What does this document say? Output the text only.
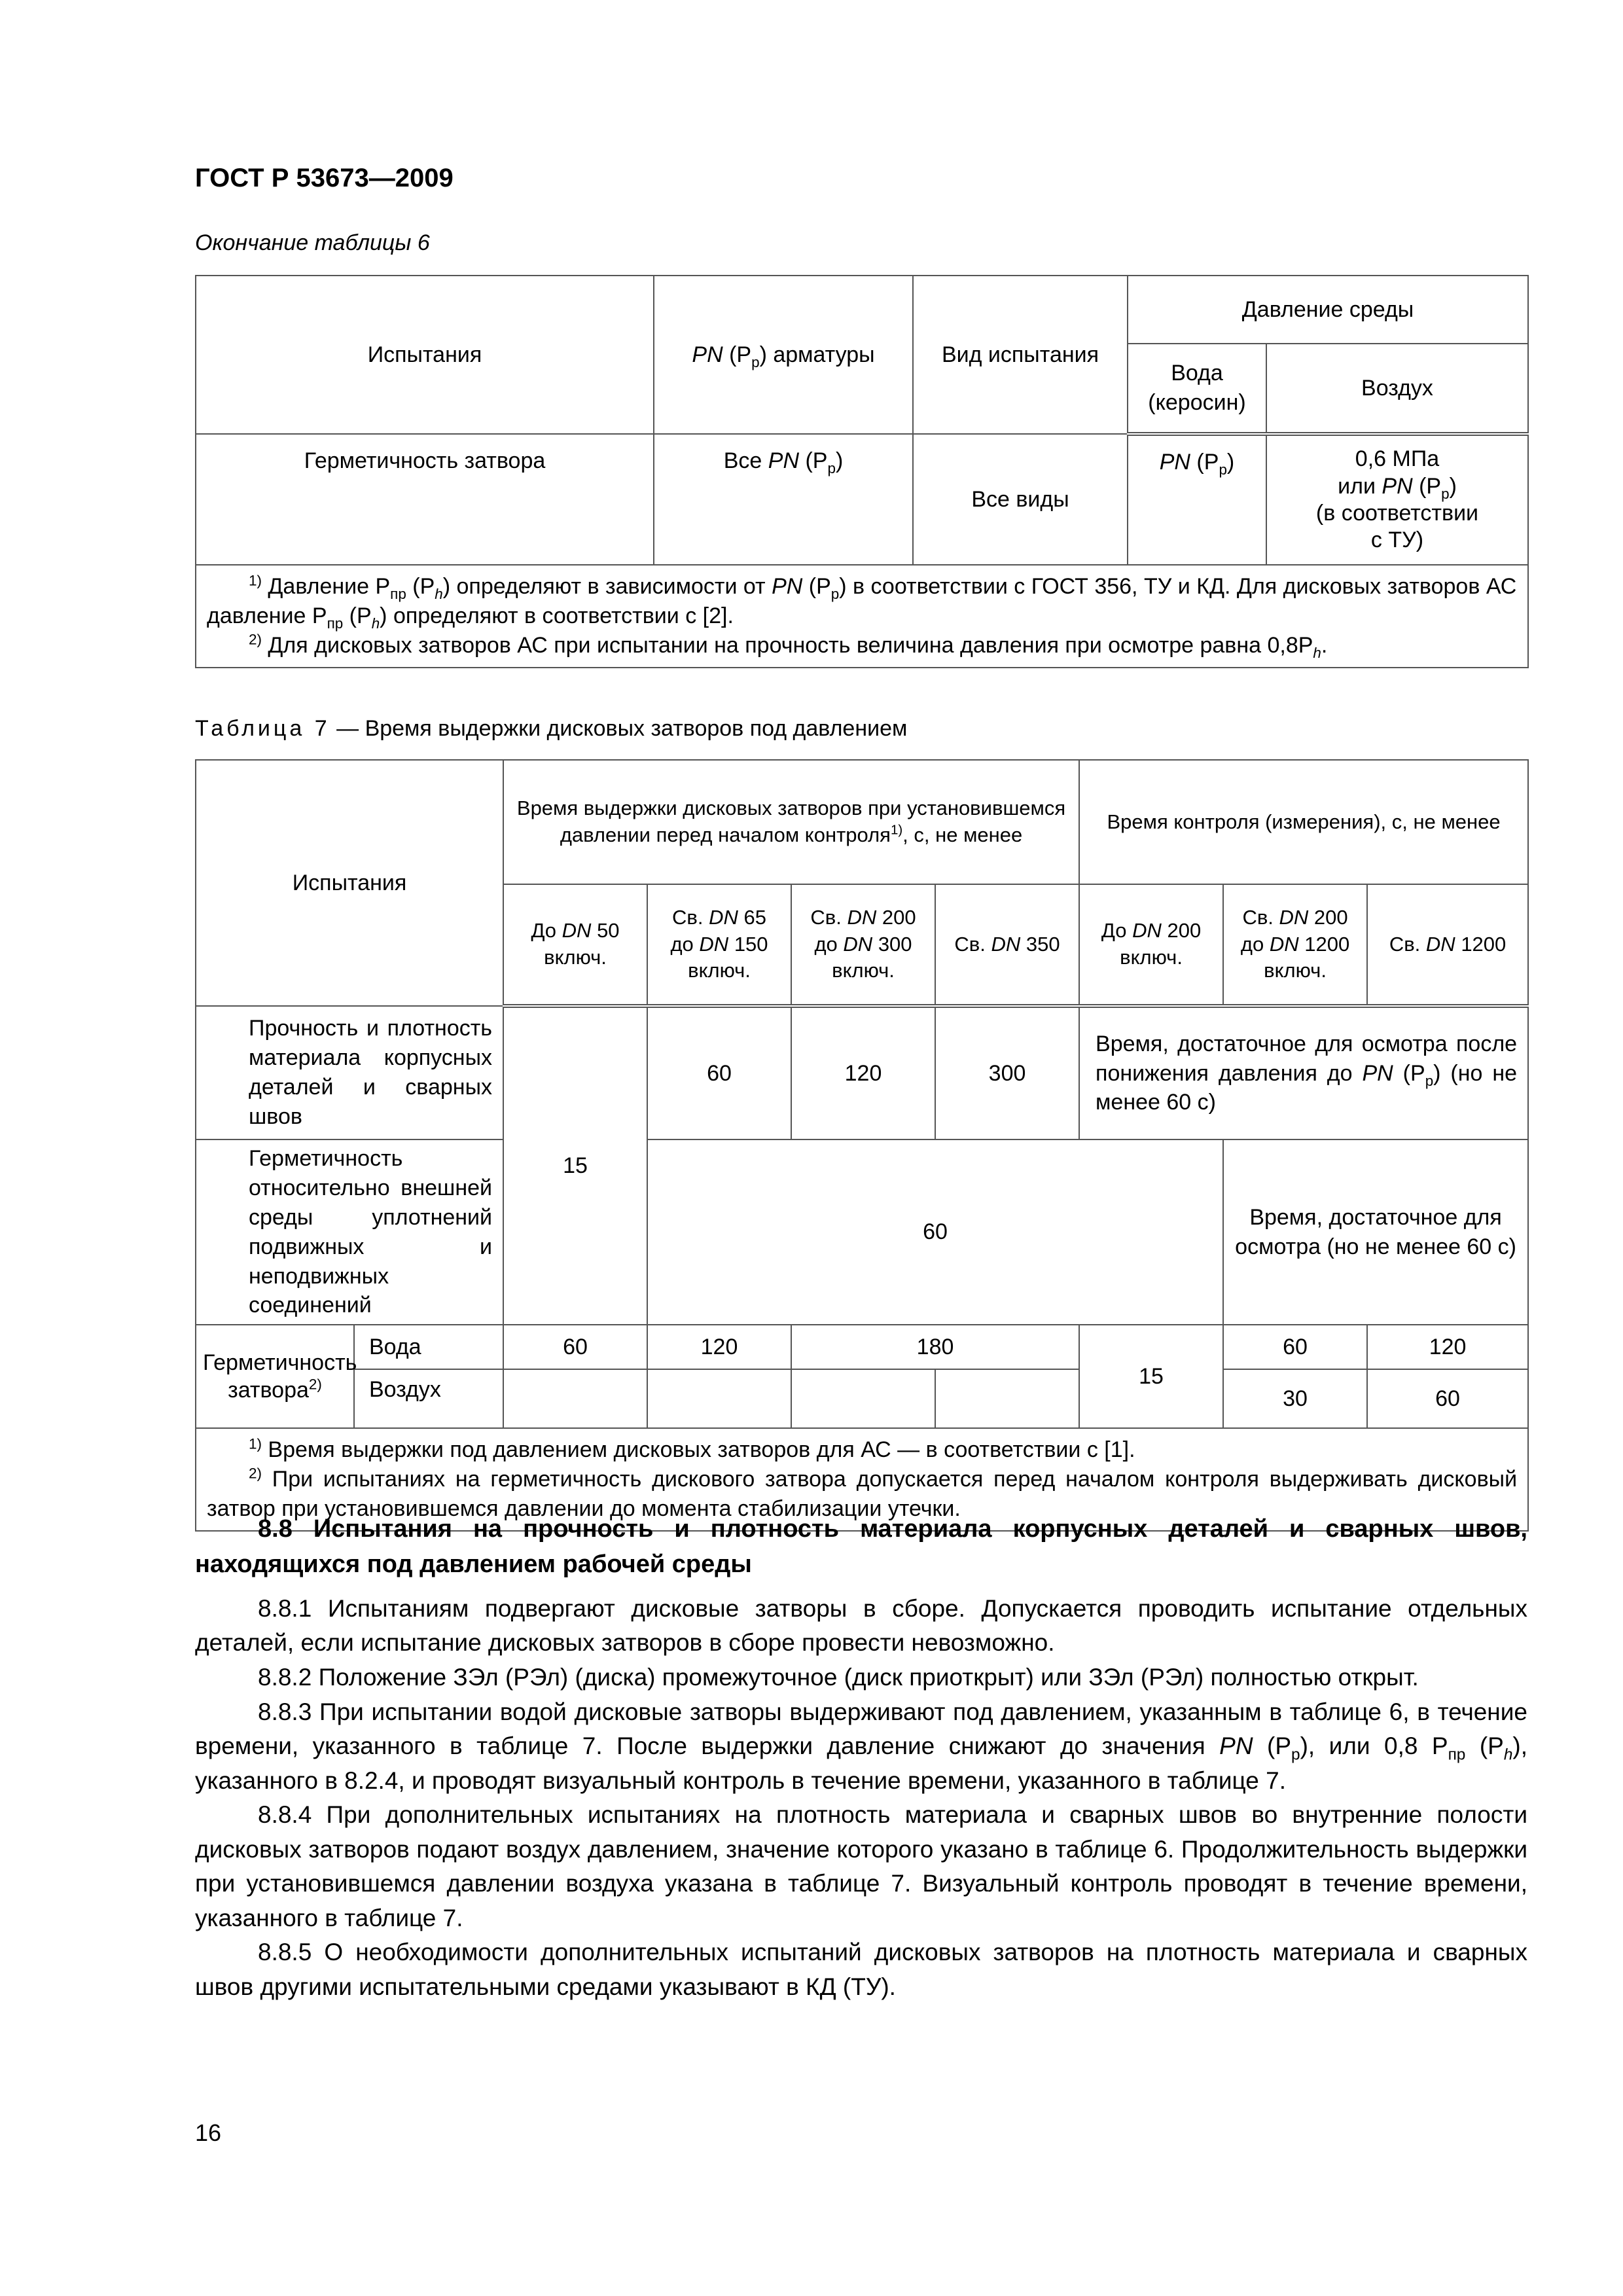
ГОСТ Р 53673—2009
Окончание таблицы 6
Испытания	PN $(P_р)$ арматуры	Вид испытания	Давление среды	
			Вода (керосин)	Воздух
Герметичность затвора	Все PN $(P_р)$	Все виды	PN $(P_р)$	0,6 МПа
или PN $(P_р)$
(в соответствии
с ТУ)

$^{1)}$ Давление $P_{пр}$ $(P_h)$ определяют в зависимости от PN $(P_р)$ в соответствии с ГОСТ 356, ТУ и КД. Для дисковых затворов АС давление $P_{пр}$ $(P_h)$ определяют в соответствии с [2].
$^{2)}$ Для дисковых затворов АС при испытании на прочность величина давления при осмотре равна $0,8P_h$.				
Таблица 7 — Время выдержки дисковых затворов под давлением
Испытания		Время выдержки дисковых затворов при установившемся давлении перед началом контроля$^{1)}$, с, не менее				Время контроля (измерения), с, не менее		
		До DN 50 включ.	Св. DN 65 до DN 150 включ.	Св. DN 200 до DN 300 включ.	Св. DN 350	До DN 200 включ.	Св. DN 200 до DN 1200 включ.	Св. DN 1200
Прочность и плотность материала корпусных деталей и сварных швов		15	60	120	300	Время, достаточное для осмотра после понижения давления до PN $(P_р)$ (но не менее 60 с)		
Герметичность относительно внешней среды уплотнений подвижных и неподвижных соединений			60				Время, достаточное для осмотра (но не менее 60 с)	
Герметичность затвора$^{2)}$	Вода	60	120	180		15	60	120
	Воздух						30	60

$^{1)}$ Время выдержки под давлением дисковых затворов для АС — в соответствии с [1].
$^{2)}$ При испытаниях на герметичность дискового затвора допускается перед началом контроля выдерживать дисковый затвор при установившемся давлении до момента стабилизации утечки.								

8.8 Испытания на прочность и плотность материала корпусных деталей и сварных швов, находящихся под давлением рабочей среды

8.8.1 Испытаниям подвергают дисковые затворы в сборе. Допускается проводить испытание отдельных деталей, если испытание дисковых затворов в сборе провести невозможно.

8.8.2 Положение ЗЭл (РЭл) (диска) промежуточное (диск приоткрыт) или ЗЭл (РЭл) полностью открыт.

8.8.3 При испытании водой дисковые затворы выдерживают под давлением, указанным в таблице 6, в течение времени, указанного в таблице 7. После выдержки давление снижают до значения PN $(P_р)$, или 0,8 $P_{пр}$ $(P_h)$, указанного в 8.2.4, и проводят визуальный контроль в течение времени, указанного в таблице 7.

8.8.4 При дополнительных испытаниях на плотность материала и сварных швов во внутренние полости дисковых затворов подают воздух давлением, значение которого указано в таблице 6. Продолжительность выдержки при установившемся давлении воздуха указана в таблице 7. Визуальный контроль проводят в течение времени, указанного в таблице 7.

8.8.5 О необходимости дополнительных испытаний дисковых затворов на плотность материала и сварных швов другими испытательными средами указывают в КД (ТУ).

16
